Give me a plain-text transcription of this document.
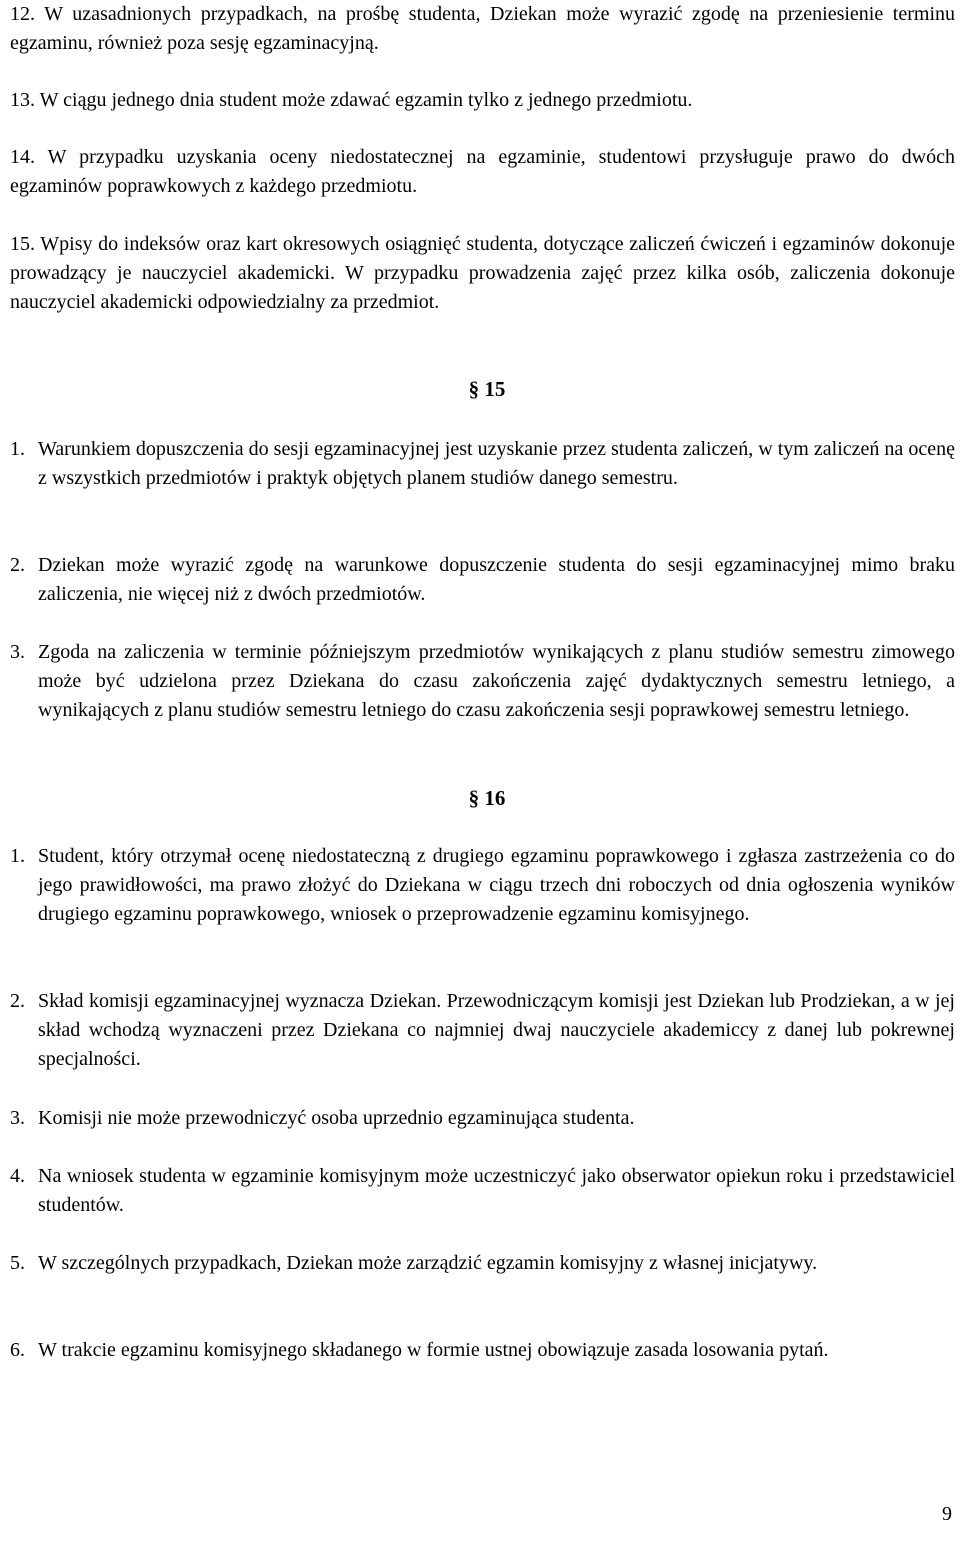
12. W uzasadnionych przypadkach, na prośbę studenta, Dziekan może wyrazić zgodę na przeniesienie terminu egzaminu, również poza sesję egzaminacyjną.
13. W ciągu jednego dnia student może zdawać egzamin tylko z jednego przedmiotu.
14. W przypadku uzyskania oceny niedostatecznej na egzaminie, studentowi przysługuje prawo do dwóch egzaminów poprawkowych z każdego przedmiotu.
15. Wpisy do indeksów oraz kart okresowych osiągnięć studenta, dotyczące zaliczeń ćwiczeń i egzaminów dokonuje prowadzący je nauczyciel akademicki. W przypadku prowadzenia zajęć przez kilka osób, zaliczenia dokonuje nauczyciel akademicki odpowiedzialny za przedmiot.
§ 15
1. Warunkiem dopuszczenia do sesji egzaminacyjnej jest uzyskanie przez studenta zaliczeń, w tym zaliczeń na ocenę z wszystkich przedmiotów i praktyk objętych planem studiów danego semestru.
2. Dziekan może wyrazić zgodę na warunkowe dopuszczenie studenta do sesji egzaminacyjnej mimo braku zaliczenia, nie więcej niż z dwóch przedmiotów.
3. Zgoda na zaliczenia w terminie późniejszym przedmiotów wynikających z planu studiów semestru zimowego może być udzielona przez Dziekana do czasu zakończenia zajęć dydaktycznych semestru letniego, a wynikających z planu studiów semestru letniego do czasu zakończenia sesji poprawkowej semestru letniego.
§ 16
1. Student, który otrzymał ocenę niedostateczną z drugiego egzaminu poprawkowego i zgłasza zastrzeżenia co do jego prawidłowości, ma prawo złożyć do Dziekana w ciągu trzech dni roboczych od dnia ogłoszenia wyników drugiego egzaminu poprawkowego, wniosek o przeprowadzenie egzaminu komisyjnego.
2. Skład komisji egzaminacyjnej wyznacza Dziekan. Przewodniczącym komisji jest Dziekan lub Prodziekan, a w jej skład wchodzą wyznaczeni przez Dziekana co najmniej dwaj nauczyciele akademiccy z danej lub pokrewnej specjalności.
3. Komisji nie może przewodniczyć osoba uprzednio egzaminująca studenta.
4. Na wniosek studenta w egzaminie komisyjnym może uczestniczyć jako obserwator opiekun roku i przedstawiciel studentów.
5. W szczególnych przypadkach, Dziekan może zarządzić egzamin komisyjny z własnej inicjatywy.
6. W trakcie egzaminu komisyjnego składanego w formie ustnej obowiązuje zasada losowania pytań.
9
